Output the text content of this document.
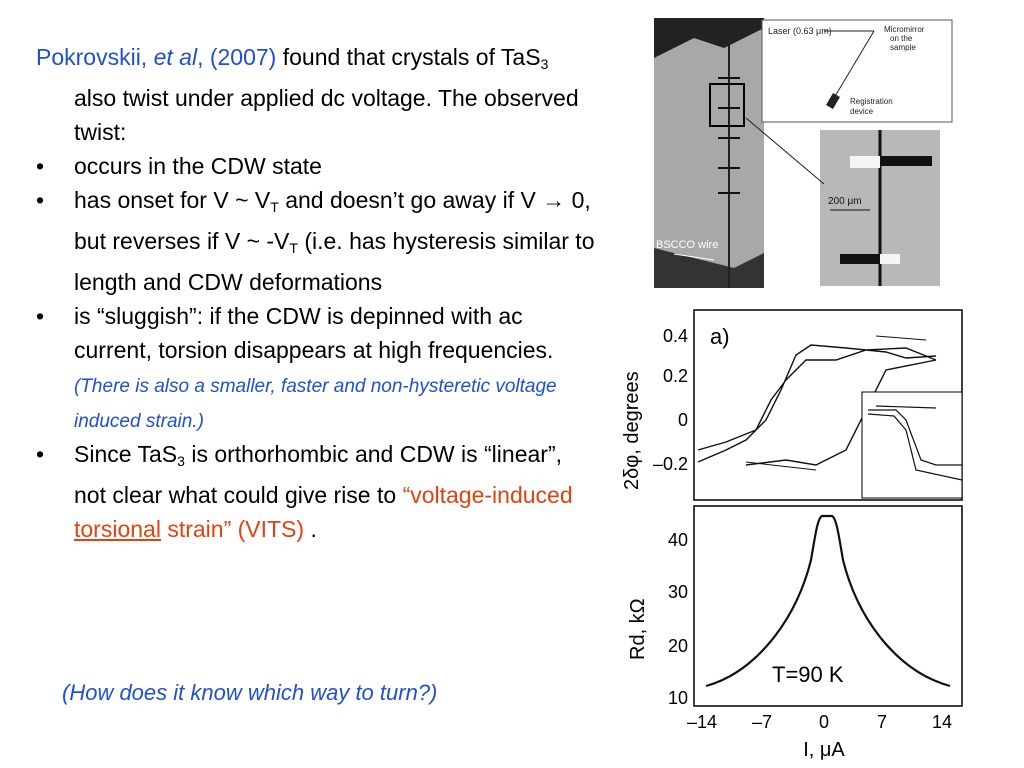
Pokrovskii, et al, (2007) found that crystals of TaS$_3$ also twist under applied dc voltage. The observed twist:

• occurs in the CDW state
• has onset for V ~ $V_T$ and doesn’t go away if V → 0, but reverses if V ~ $-V_T$ (i.e. has hysteresis similar to length and CDW deformations
• is “sluggish”: if the CDW is depinned with ac current, torsion disappears at high frequencies. (There is also a smaller, faster and non-hysteretic voltage induced strain.)
• Since TaS$_3$ is orthorhombic and CDW is “linear”, not clear what could give rise to “voltage-induced torsional strain” (VITS) .
(How does it know which way to turn?)
BSCCO wire
Laser (0.63 μm)	Micromirror
on the
sample
Registration
device
200 μm
a)
0.4
0.2
0
–0.2
2δφ, degrees
40
30
20
10
Rd, kΩ
T=90 K
–14 –7	0	7 14
I, μA
